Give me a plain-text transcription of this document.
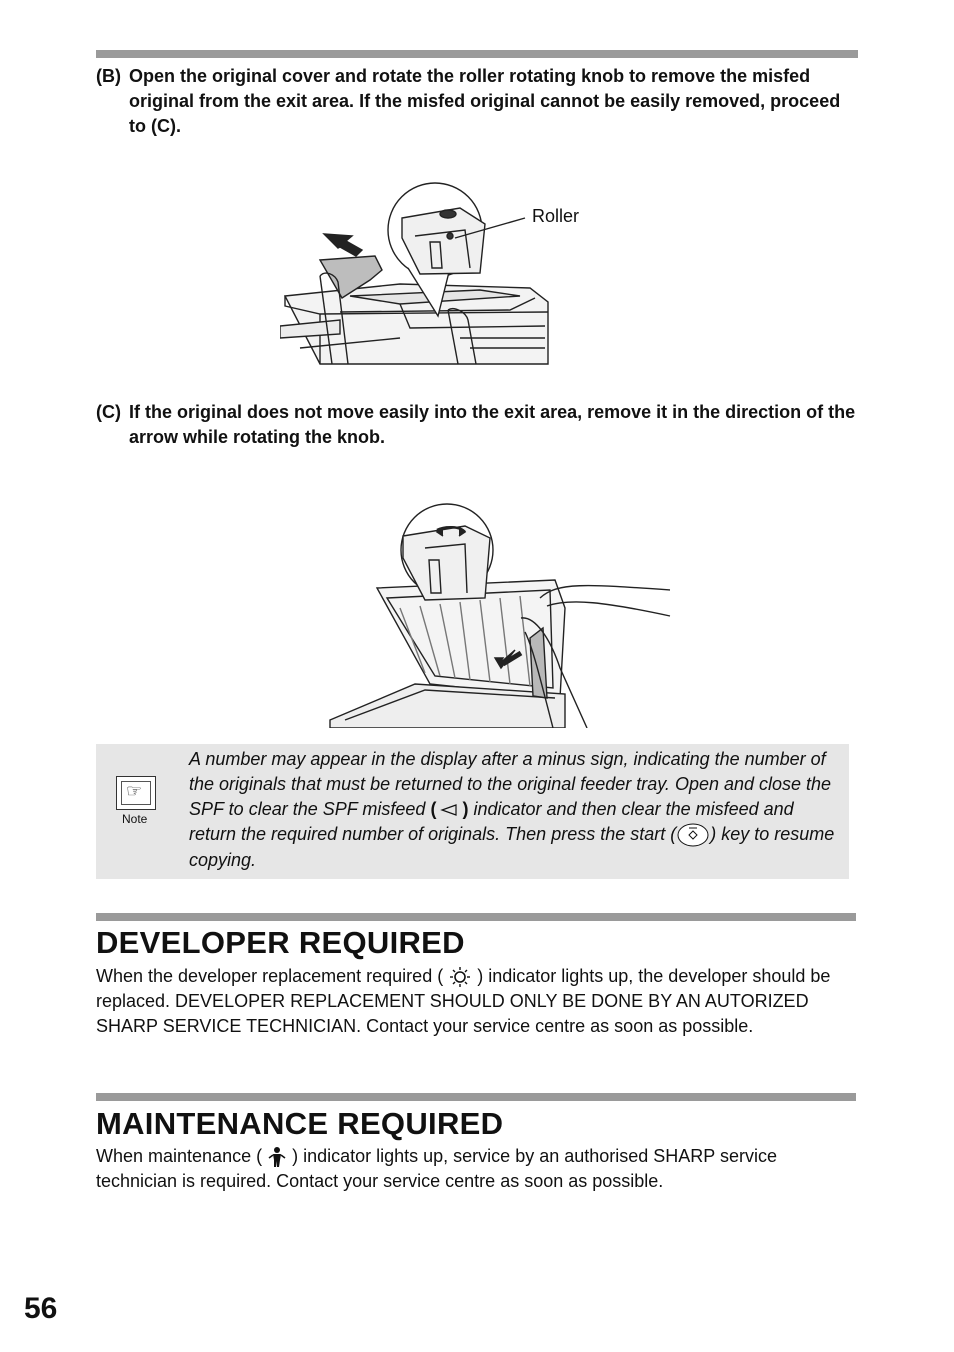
(B) Open the original cover and rotate the roller rotating knob to remove the misfed original from the exit area. If the misfed original cannot be easily removed, proceed to (C).
Roller
(C) If the original does not move easily into the exit area, remove it in the direction of the arrow while rotating the knob.
☞
Note
A number may appear in the display after a minus sign, indicating the number of the originals that must be returned to the original feeder tray. Open and close the SPF to clear the SPF misfeed ( ) indicator and then clear the misfeed and return the required number of originals. Then press the start ( ) key to resume copying.
DEVELOPER REQUIRED
When the developer replacement required (  ) indicator lights up, the developer should be replaced. DEVELOPER REPLACEMENT SHOULD ONLY BE DONE BY AN AUTORIZED SHARP SERVICE TECHNICIAN. Contact your service centre as soon as possible.
MAINTENANCE REQUIRED
When maintenance (  ) indicator lights up, service by an authorised SHARP service technician is required. Contact your service centre as soon as possible.
56
